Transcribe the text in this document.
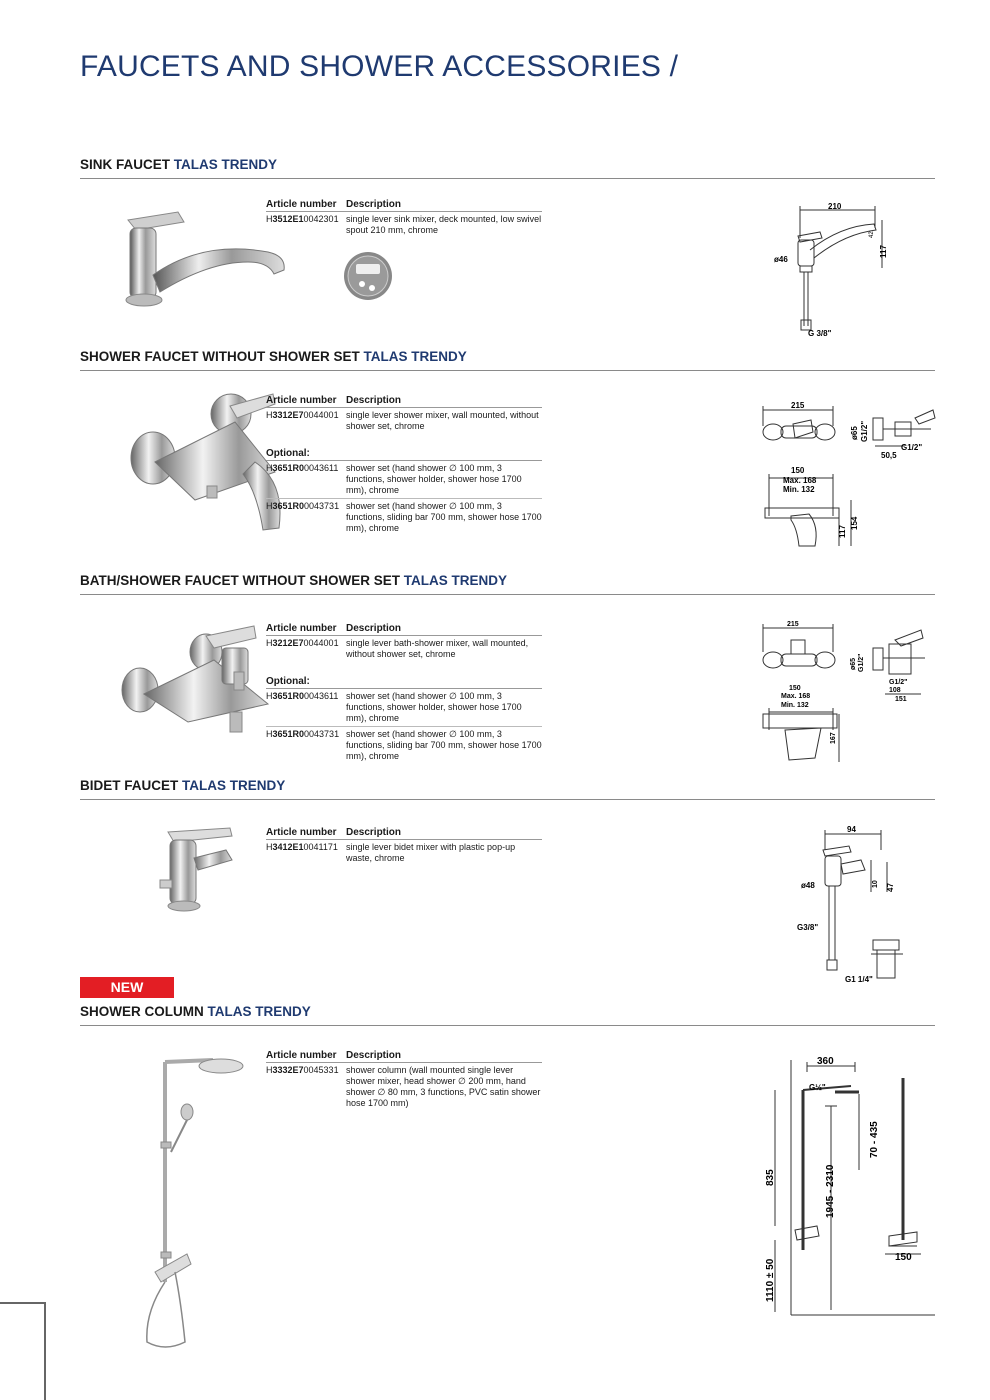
FAUCETS AND SHOWER ACCESSORIES /
SINK FAUCET TALAS TRENDY
Article number Description
H3512E10042301 single lever sink mixer, deck mounted, low swivel spout 210 mm, chrome
210
117
42
ø46
G 3/8"
SHOWER FAUCET WITHOUT SHOWER SET TALAS TRENDY
Article number Description
H3312E70044001 single lever shower mixer, wall mounted, without shower set, chrome
Optional:
H3651R00043611 shower set (hand shower ∅ 100 mm, 3 functions, shower holder, shower hose 1700 mm), chrome
H3651R00043731 shower set (hand shower ∅ 100 mm, 3 functions, sliding bar 700 mm, shower hose 1700 mm), chrome
215
ø65 G1/2"
G1/2"
50,5
150
Max. 168
Min. 132
117
154
BATH/SHOWER FAUCET WITHOUT SHOWER SET TALAS TRENDY
Article number Description
H3212E70044001 single lever bath-shower mixer, wall mounted, without shower set, chrome
Optional:
H3651R00043611 shower set (hand shower ∅ 100 mm, 3 functions, shower holder, shower hose 1700 mm), chrome
H3651R00043731 shower set (hand shower ∅ 100 mm, 3 functions, sliding bar 700 mm, shower hose 1700 mm), chrome
215
ø65 G1/2"
G1/2"
108
151
150
Max. 168
Min. 132
167
BIDET FAUCET TALAS TRENDY
Article number Description
H3412E10041171 single lever bidet mixer with plastic pop-up waste, chrome
94
ø48	10 47
G3/8"
G1 1/4"
NEW
SHOWER COLUMN TALAS TRENDY
Article number Description
H3332E70045331 shower column (wall mounted single lever shower mixer, head shower ∅ 200 mm, hand shower ∅ 80 mm, 3 functions, PVC satin shower hose 1700 mm)
360
G½"
70 - 435
835	1945 - 2310
1110 ± 50
150
